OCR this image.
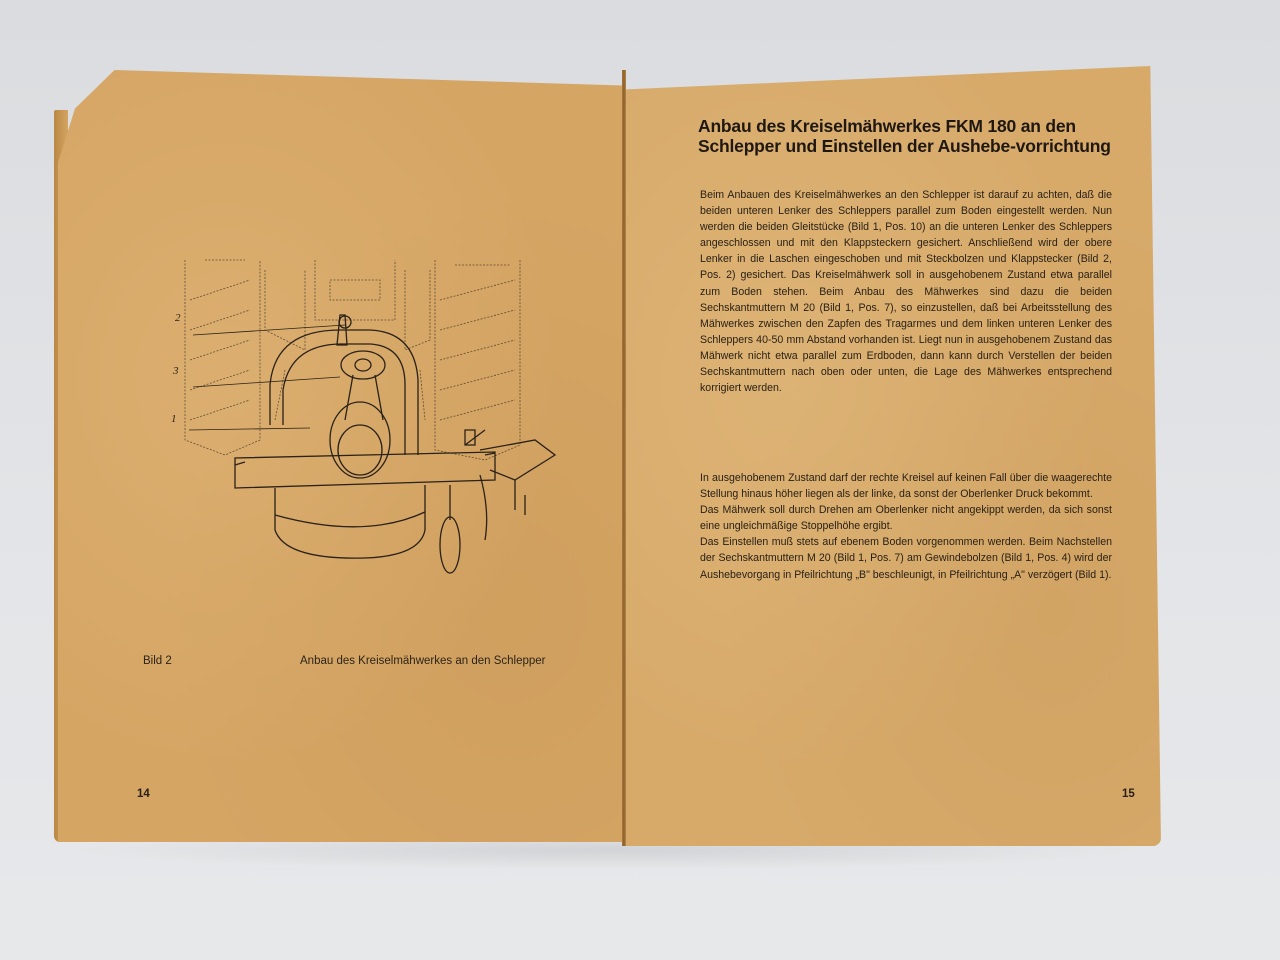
2
3
1
Bild 2	Anbau des Kreiselmähwerkes an den Schlepper
14
Anbau des Kreiselmähwerkes FKM 180 an den Schlepper und Einstellen der Aushebe-vorrichtung

Beim Anbauen des Kreiselmähwerkes an den Schlepper ist darauf zu achten, daß die beiden unteren Lenker des Schleppers parallel zum Boden eingestellt werden. Nun werden die beiden Gleitstücke (Bild 1, Pos. 10) an die unteren Lenker des Schleppers angeschlossen und mit den Klappsteckern gesichert. Anschließend wird der obere Lenker in die Laschen eingeschoben und mit Steckbolzen und Klappstecker (Bild 2, Pos. 2) gesichert. Das Kreiselmähwerk soll in ausgehobenem Zustand etwa parallel zum Boden stehen. Beim Anbau des Mähwerkes sind dazu die beiden Sechskantmuttern M 20 (Bild 1, Pos. 7), so einzustellen, daß bei Arbeitsstellung des Mähwerkes zwischen den Zapfen des Tragarmes und dem linken unteren Lenker des Schleppers 40-50 mm Abstand vorhanden ist. Liegt nun in ausgehobenem Zustand das Mähwerk nicht etwa parallel zum Erdboden, dann kann durch Verstellen der beiden Sechskantmuttern nach oben oder unten, die Lage des Mähwerkes entsprechend korrigiert werden.

In ausgehobenem Zustand darf der rechte Kreisel auf keinen Fall über die waagerechte Stellung hinaus höher liegen als der linke, da sonst der Oberlenker Druck bekommt.

Das Mähwerk soll durch Drehen am Oberlenker nicht angekippt werden, da sich sonst eine ungleichmäßige Stoppelhöhe ergibt.

Das Einstellen muß stets auf ebenem Boden vorgenommen werden. Beim Nachstellen der Sechskantmuttern M 20 (Bild 1, Pos. 7) am Gewindebolzen (Bild 1, Pos. 4) wird der Aushebevorgang in Pfeilrichtung „B" beschleunigt, in Pfeilrichtung „A" verzögert (Bild 1).

15
